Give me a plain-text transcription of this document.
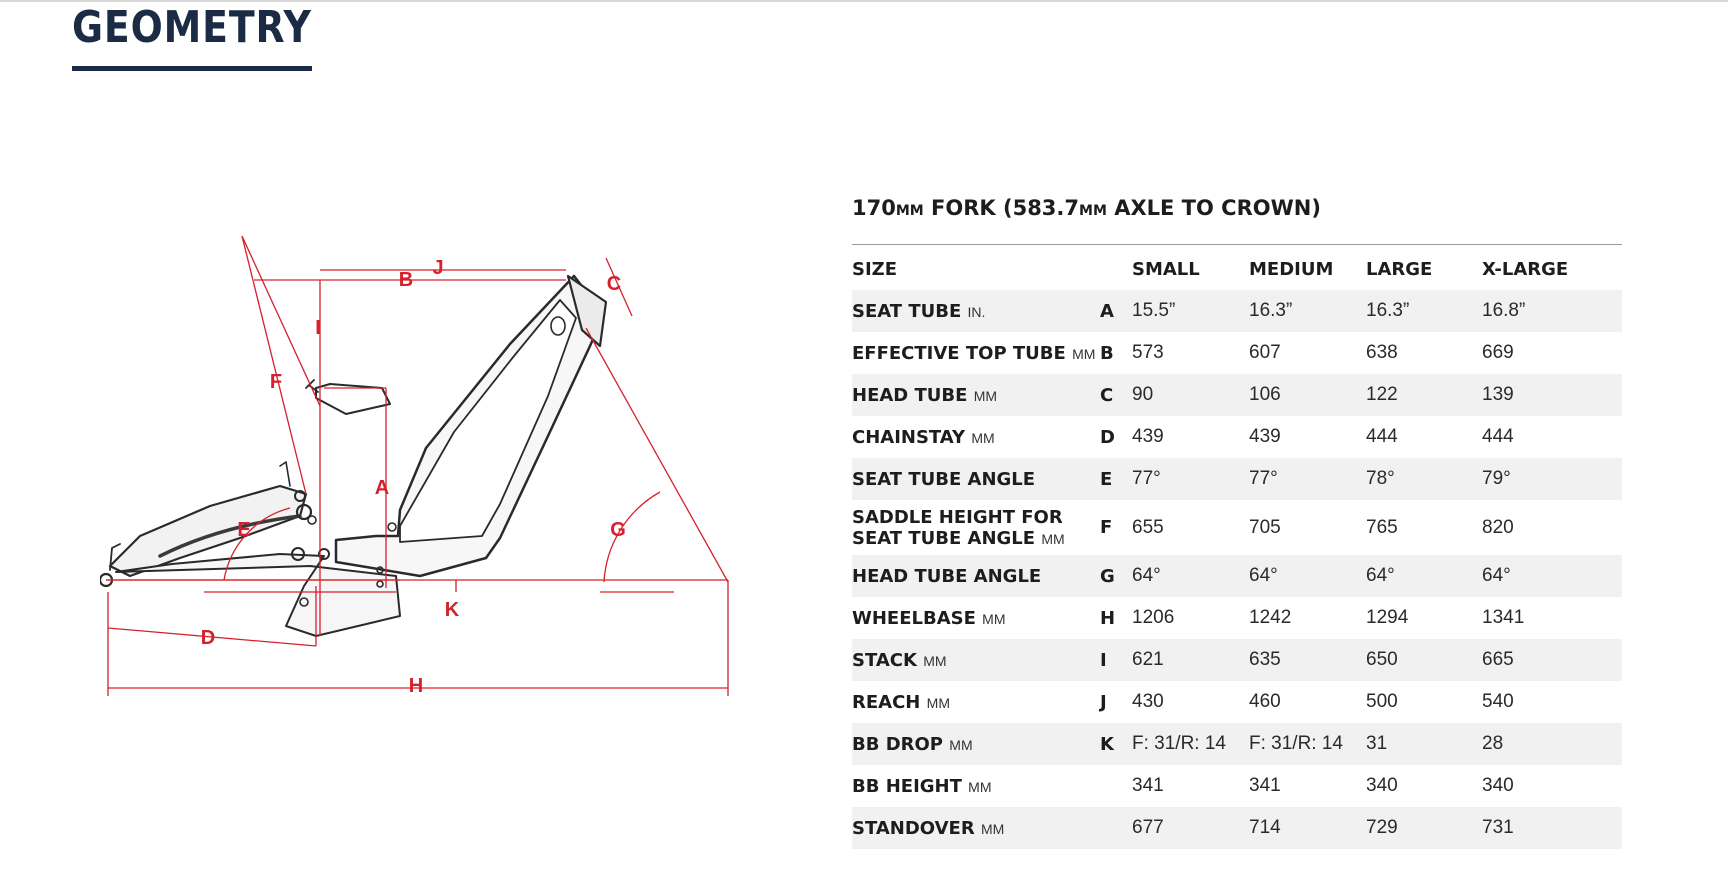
GEOMETRY
A
B	C
D
E
F
G
H
I
J
K
170MM FORK (583.7MM AXLE TO CROWN)
SIZE		SMALL	MEDIUM	LARGE	X-LARGE
SEAT TUBE IN.	A	15.5”	16.3”	16.3”	16.8”
EFFECTIVE TOP TUBE MM	B	573	607	638	669
HEAD TUBE MM	C	90	106	122	139
CHAINSTAY MM	D	439	439	444	444
SEAT TUBE ANGLE	E	77°	77°	78°	79°
SADDLE HEIGHT FOR
SEAT TUBE ANGLE MM	F	655	705	765	820
HEAD TUBE ANGLE	G	64°	64°	64°	64°
WHEELBASE MM	H	1206	1242	1294	1341
STACK MM	I	621	635	650	665
REACH MM	J	430	460	500	540
BB DROP MM	K	F: 31/R: 14	F: 31/R: 14	31	28
BB HEIGHT MM		341	341	340	340
STANDOVER MM		677	714	729	731
